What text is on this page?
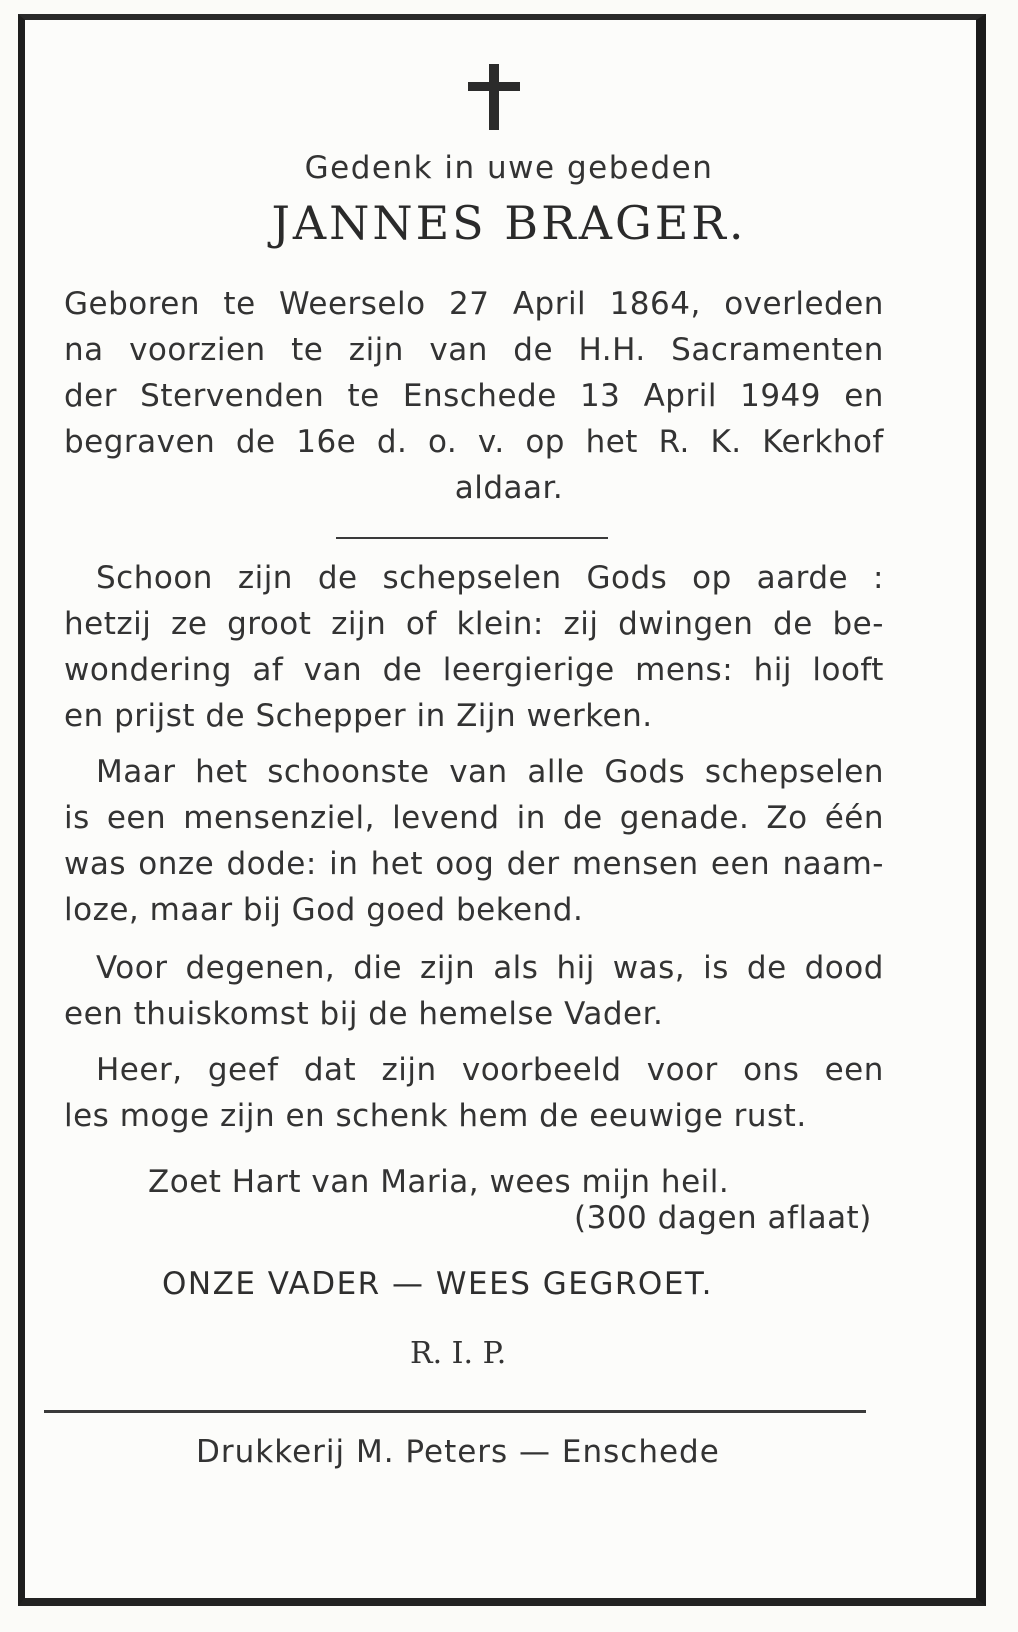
Gedenk in uwe gebeden
JANNES BRAGER.
Geboren te Weerselo 27 April 1864, overleden
na voorzien te zijn van de H.H. Sacramenten
der Stervenden te Enschede 13 April 1949 en
begraven de 16e d. o. v. op het R. K. Kerkhof
aldaar.
Schoon zijn de schepselen Gods op aarde :
hetzij ze groot zijn of klein: zij dwingen de be-
wondering af van de leergierige mens: hij looft
en prijst de Schepper in Zijn werken.
Maar het schoonste van alle Gods schepselen
is een mensenziel, levend in de genade. Zo één
was onze dode: in het oog der mensen een naam-
loze, maar bij God goed bekend.
Voor degenen, die zijn als hij was, is de dood
een thuiskomst bij de hemelse Vader.
Heer, geef dat zijn voorbeeld voor ons een
les moge zijn en schenk hem de eeuwige rust.
Zoet Hart van Maria, wees mijn heil.
(300 dagen aflaat)
ONZE VADER — WEES GEGROET.
R. I. P.
Drukkerij M. Peters — Enschede
